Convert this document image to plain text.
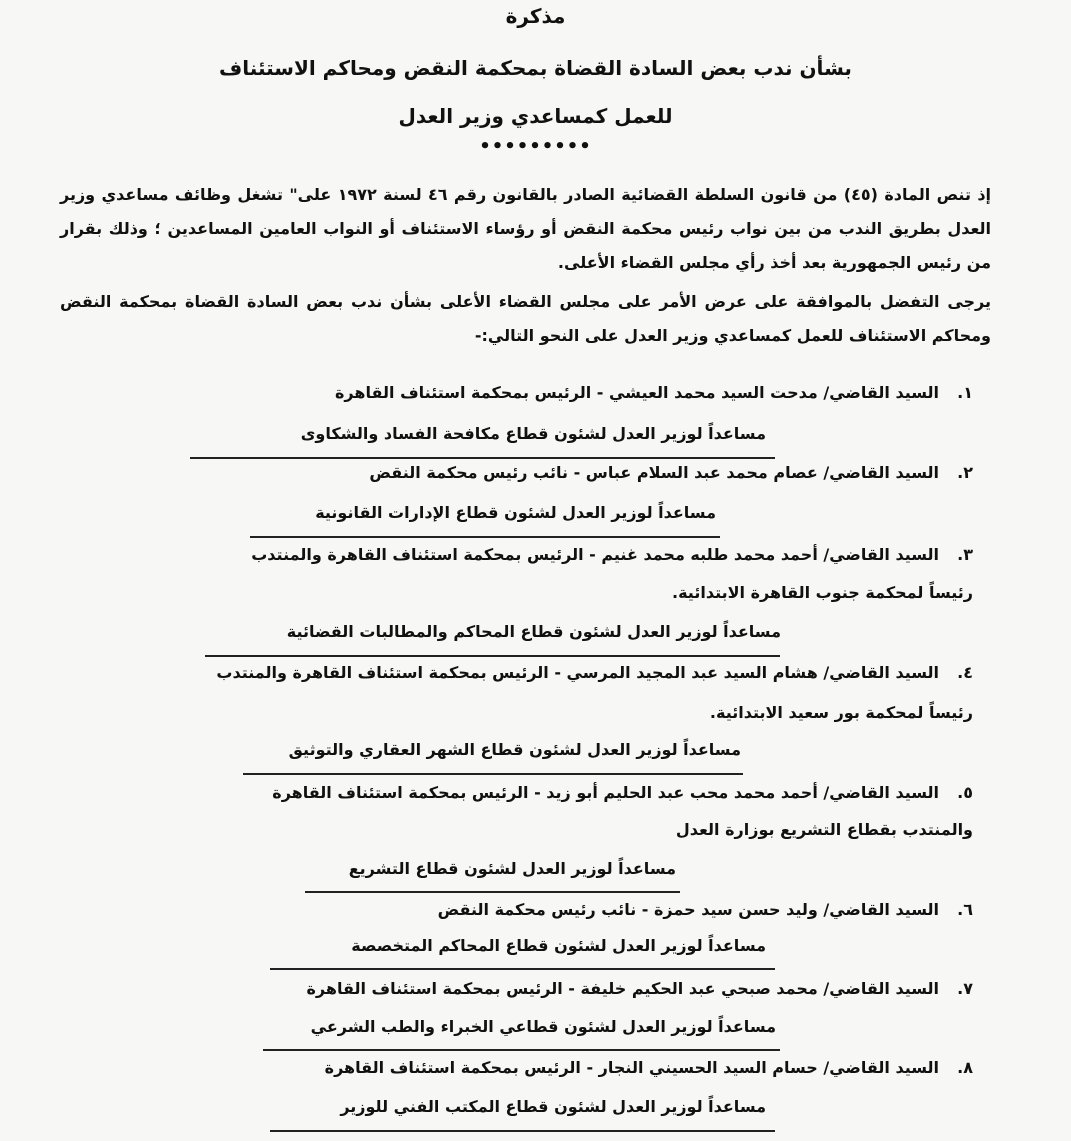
مذكرة
بشأن ندب بعض السادة القضاة بمحكمة النقض ومحاكم الاستئناف
للعمل كمساعدي وزير العدل
•••••••••
إذ تنص المادة (٤٥) من قانون السلطة القضائية الصادر بالقانون رقم ٤٦ لسنة ١٩٧٢ على" تشغل وظائف مساعدي وزير العدل بطريق الندب من بين نواب رئيس محكمة النقض أو رؤساء الاستئناف أو النواب العامين المساعدين ؛ وذلك بقرار من رئيس الجمهورية بعد أخذ رأي مجلس القضاء الأعلى.
يرجى التفضل بالموافقة على عرض الأمر على مجلس القضاء الأعلى بشأن ندب بعض السادة القضاة بمحكمة النقض ومحاكم الاستئناف للعمل كمساعدي وزير العدل على النحو التالي:-
١.السيد القاضي/ مدحت السيد محمد العيشي - الرئيس بمحكمة استئناف القاهرة
مساعداً لوزير العدل لشئون قطاع مكافحة الفساد والشكاوى
٢.السيد القاضي/ عصام محمد عبد السلام عباس - نائب رئيس محكمة النقض
مساعداً لوزير العدل لشئون قطاع الإدارات القانونية
٣.السيد القاضي/ أحمد محمد طلبه محمد غنيم - الرئيس بمحكمة استئناف القاهرة والمنتدب
رئيساً لمحكمة جنوب القاهرة الابتدائية.
مساعداً لوزير العدل لشئون قطاع المحاكم والمطالبات القضائية
٤.السيد القاضي/ هشام السيد عبد المجيد المرسي - الرئيس بمحكمة استئناف القاهرة والمنتدب
رئيساً لمحكمة بور سعيد الابتدائية.
مساعداً لوزير العدل لشئون قطاع الشهر العقاري والتوثيق
٥.السيد القاضي/ أحمد محمد محب عبد الحليم أبو زيد - الرئيس بمحكمة استئناف القاهرة
والمنتدب بقطاع التشريع بوزارة العدل
مساعداً لوزير العدل لشئون قطاع التشريع
٦.السيد القاضي/ وليد حسن سيد حمزة - نائب رئيس محكمة النقض
مساعداً لوزير العدل لشئون قطاع المحاكم المتخصصة
٧.السيد القاضي/ محمد صبحي عبد الحكيم خليفة - الرئيس بمحكمة استئناف القاهرة
مساعداً لوزير العدل لشئون قطاعي الخبراء والطب الشرعي
٨.السيد القاضي/ حسام السيد الحسيني النجار - الرئيس بمحكمة استئناف القاهرة
مساعداً لوزير العدل لشئون قطاع المكتب الفني للوزير
